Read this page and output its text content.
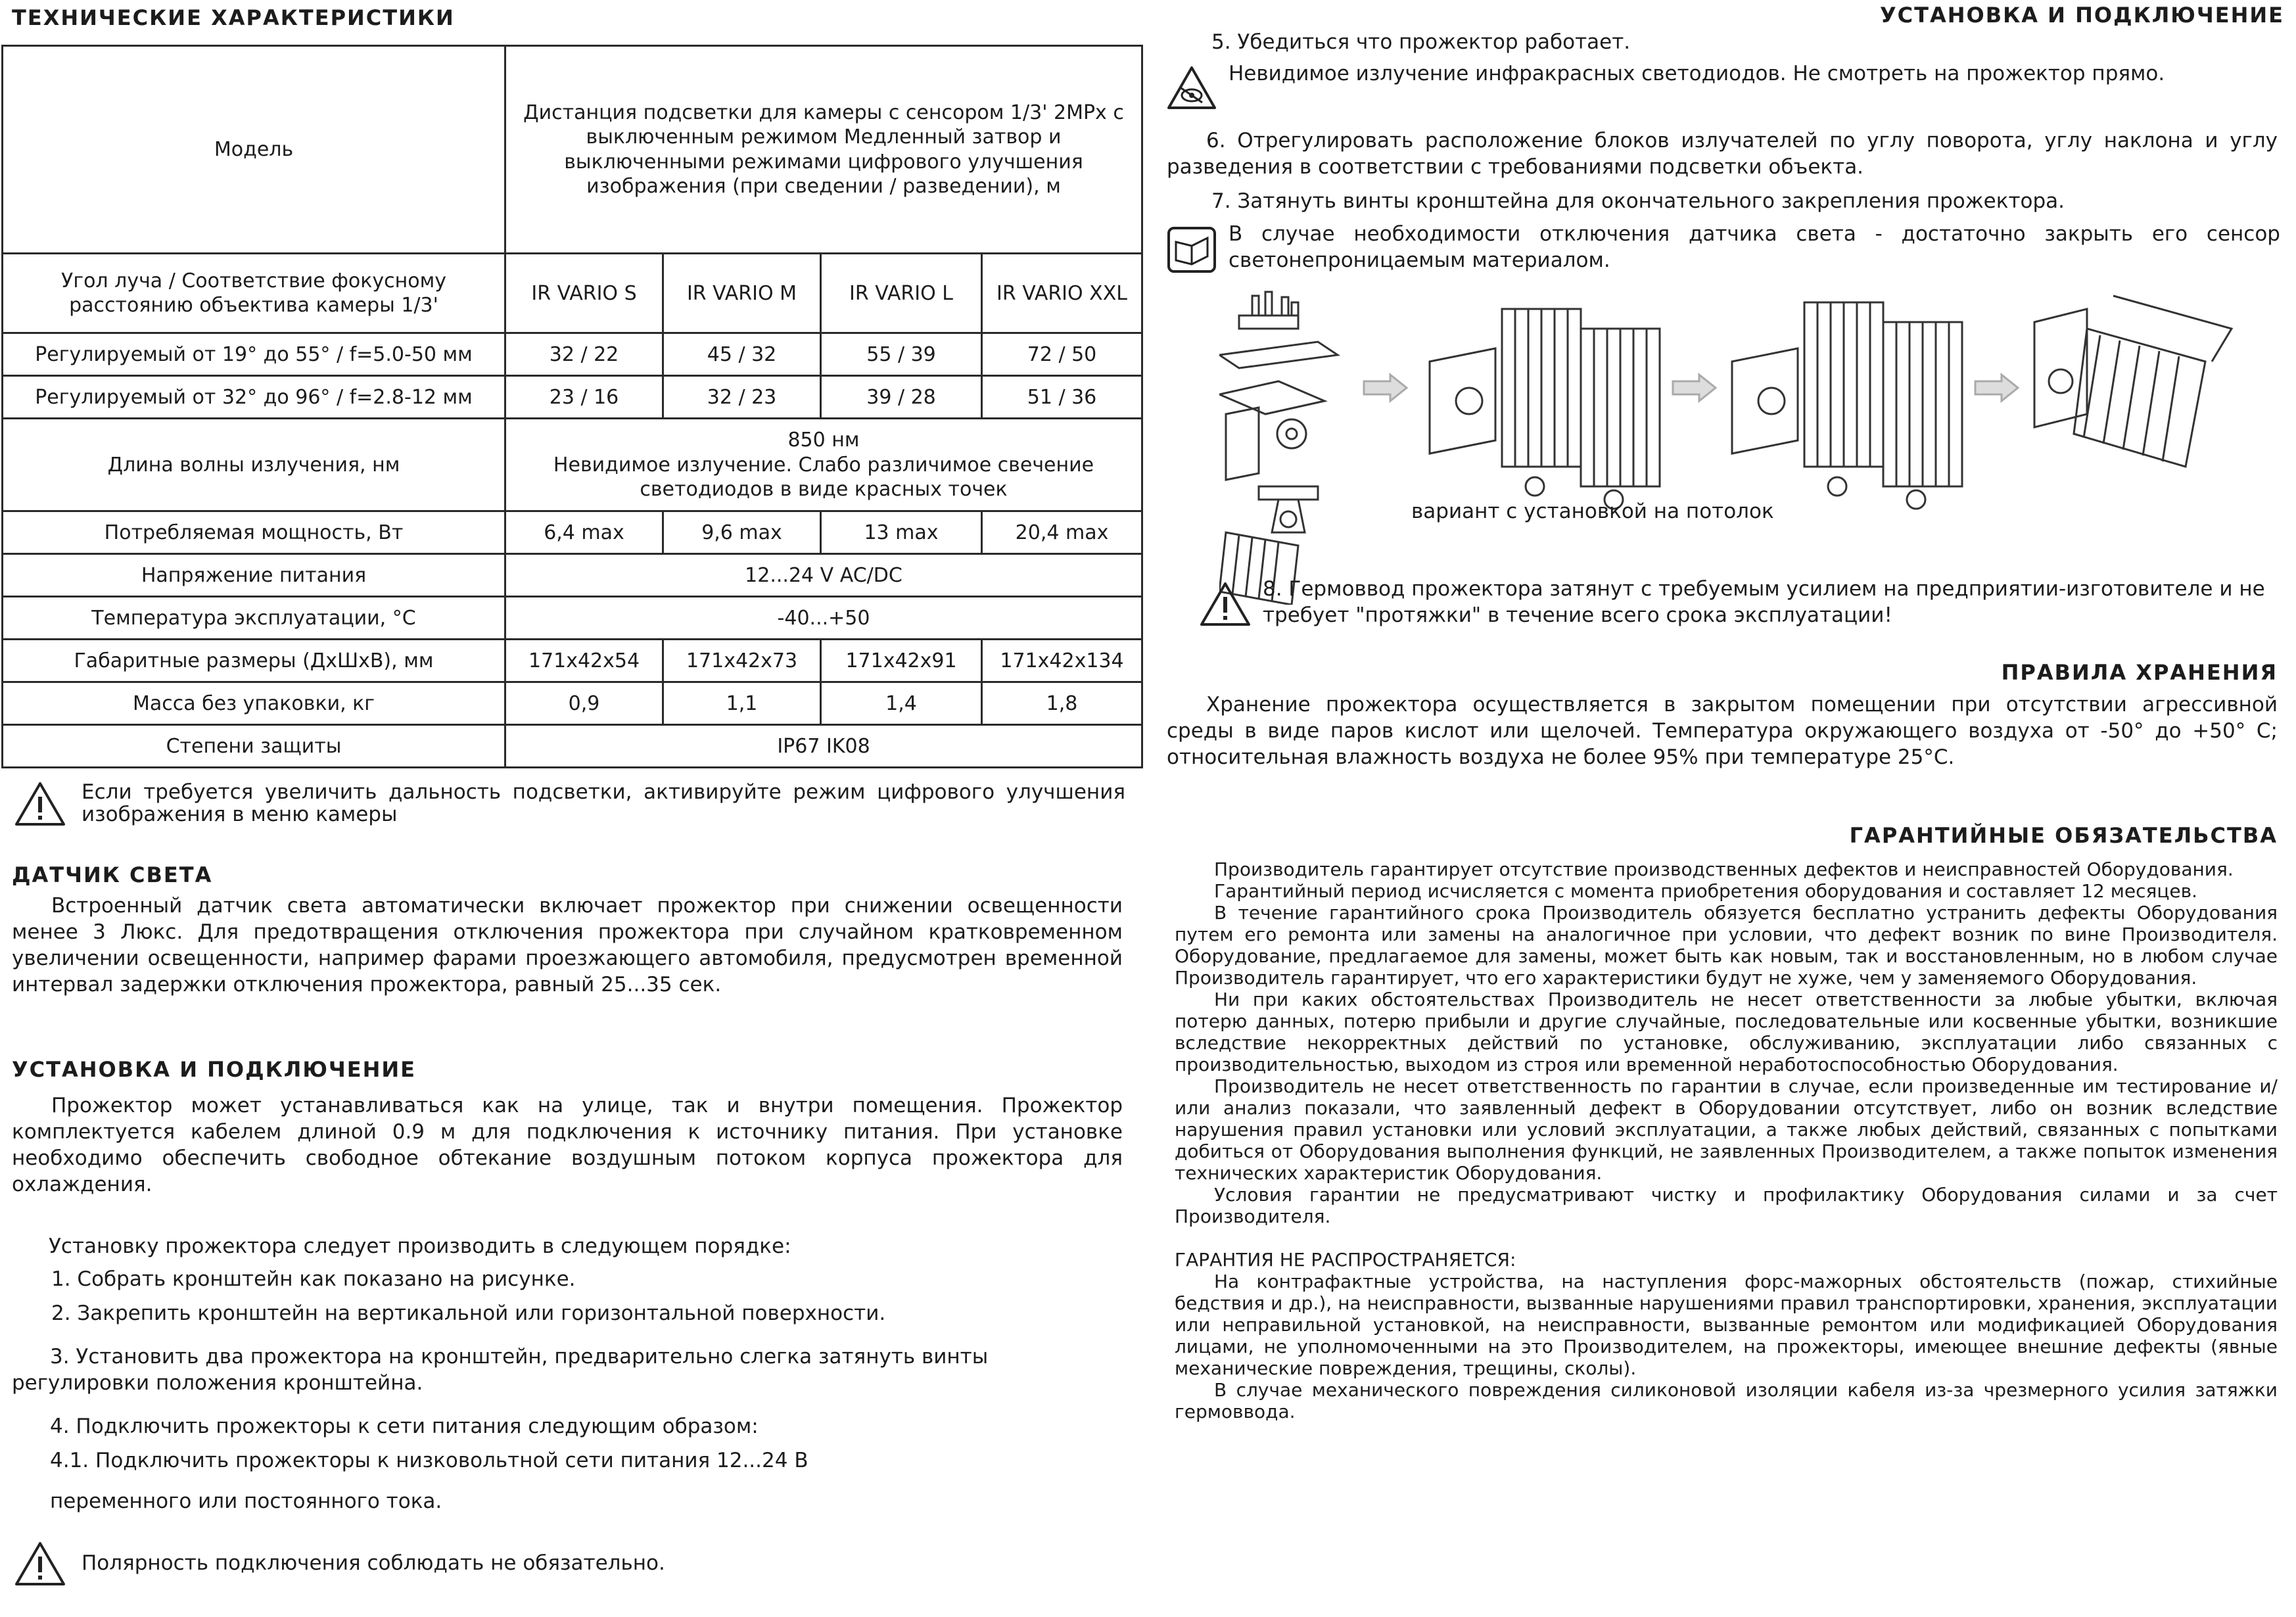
ТЕХНИЧЕСКИЕ ХАРАКТЕРИСТИКИ
Модель	Дистанция подсветки для камеры с сенсором 1/3' 2MPx с выключенным режимом Медленный затвор и выключенными режимами цифрового улучшения изображения (при сведении / разведении), м			
Угол луча / Соответствие фокусному расстоянию объектива камеры 1/3'	IR VARIO S	IR VARIO M	IR VARIO L	IR VARIO XXL
Регулируемый от 19° до 55° / f=5.0-50 мм	32 / 22	45 / 32	55 / 39	72 / 50
Регулируемый от 32° до 96° / f=2.8-12 мм	23 / 16	32 / 23	39 / 28	51 / 36
Длина волны излучения, нм	850 нм
Невидимое излучение. Слабо различимое свечение светодиодов в виде красных точек			

Потребляемая мощность, Вт	6,4 max	9,6 max	13 max	20,4 max
Напряжение питания	12...24 V AC/DC			
Температура эксплуатации, °С	-40...+50			
Габаритные размеры (ДхШхВ), мм	171x42x54	171x42x73	171x42x91	171x42x134
Масса без упаковки, кг	0,9	1,1	1,4	1,8
Степени защиты	IP67 IK08			

Если требуется увеличить дальность подсветки, активируйте режим цифрового улучшения изображения в меню камеры

ДАТЧИК СВЕТА

Встроенный датчик света автоматически включает прожектор при снижении освещенности менее 3 Люкс. Для предотвращения отключения прожектора при случайном кратковременном увеличении освещенности, например фарами проезжающего автомобиля, предусмотрен временной интервал задержки отключения прожектора, равный 25...35 сек.

УСТАНОВКА И ПОДКЛЮЧЕНИЕ

Прожектор может устанавливаться как на улице, так и внутри помещения. Прожектор комплектуется кабелем длиной 0.9 м для подключения к источнику питания. При установке необходимо обеспечить свободное обтекание воздушным потоком корпуса прожектора для охлаждения.

Установку прожектора следует производить в следующем порядке:

1. Собрать кронштейн как показано на рисунке.

2. Закрепить кронштейн на вертикальной или горизонтальной поверхности.

3. Установить два прожектора на кронштейн, предварительно слегка затянуть винты регулировки положения кронштейна.

4. Подключить прожекторы к сети питания следующим образом:

4.1. Подключить прожекторы к низковольтной сети питания 12...24 В

переменного или постоянного тока.

Полярность подключения соблюдать не обязательно.

УСТАНОВКА И ПОДКЛЮЧЕНИЕ

5. Убедиться что прожектор работает.

Невидимое излучение инфракрасных светодиодов. Не смотреть на прожектор прямо.

6. Отрегулировать расположение блоков излучателей по углу поворота, углу наклона и углу разведения в соответствии с требованиями подсветки объекта.

7. Затянуть винты кронштейна для окончательного закрепления прожектора.

В случае необходимости отключения датчика света - достаточно закрыть его сенсор светонепроницаемым материалом.

вариант с установкой на потолок

8. Гермоввод прожектора затянут с требуемым усилием на предприятии-изготовителе и не требует "протяжки" в течение всего срока эксплуатации!

ПРАВИЛА ХРАНЕНИЯ

Хранение прожектора осуществляется в закрытом помещении при отсутствии агрессивной среды в виде паров кислот или щелочей. Температура окружающего воздуха от -50° до +50° С; относительная влажность воздуха не более 95% при температуре 25°С.

ГАРАНТИЙНЫЕ ОБЯЗАТЕЛЬСТВА

Производитель гарантирует отсутствие производственных дефектов и неисправностей Оборудования.

Гарантийный период исчисляется с момента приобретения оборудования и составляет 12 месяцев.

В течение гарантийного срока Производитель обязуется бесплатно устранить дефекты Оборудования путем его ремонта или замены на аналогичное при условии, что дефект возник по вине Производителя. Оборудование, предлагаемое для замены, может быть как новым, так и восстановленным, но в любом случае Производитель гарантирует, что его характеристики будут не хуже, чем у заменяемого Оборудования.

Ни при каких обстоятельствах Производитель не несет ответственности за любые убытки, включая потерю данных, потерю прибыли и другие случайные, последовательные или косвенные убытки, возникшие вследствие некорректных действий по установке, обслуживанию, эксплуатации либо связанных с производительностью, выходом из строя или временной неработоспособностью Оборудования.

Производитель не несет ответственность по гарантии в случае, если произведенные им тестирование и/или анализ показали, что заявленный дефект в Оборудовании отсутствует, либо он возник вследствие нарушения правил установки или условий эксплуатации, а также любых действий, связанных с попытками добиться от Оборудования выполнения функций, не заявленных Производителем, а также попыток изменения технических характеристик Оборудования.

Условия гарантии не предусматривают чистку и профилактику Оборудования силами и за счет Производителя.

ГАРАНТИЯ НЕ РАСПРОСТРАНЯЕТСЯ:

На контрафактные устройства, на наступления форс-мажорных обстоятельств (пожар, стихийные бедствия и др.), на неисправности, вызванные нарушениями правил транспортировки, хранения, эксплуатации или неправильной установкой, на неисправности, вызванные ремонтом или модификацией Оборудования лицами, не уполномоченными на это Производителем, на прожекторы, имеющее внешние дефекты (явные механические повреждения, трещины, сколы).

В случае механического повреждения силиконовой изоляции кабеля из-за чрезмерного усилия затяжки гермоввода.
